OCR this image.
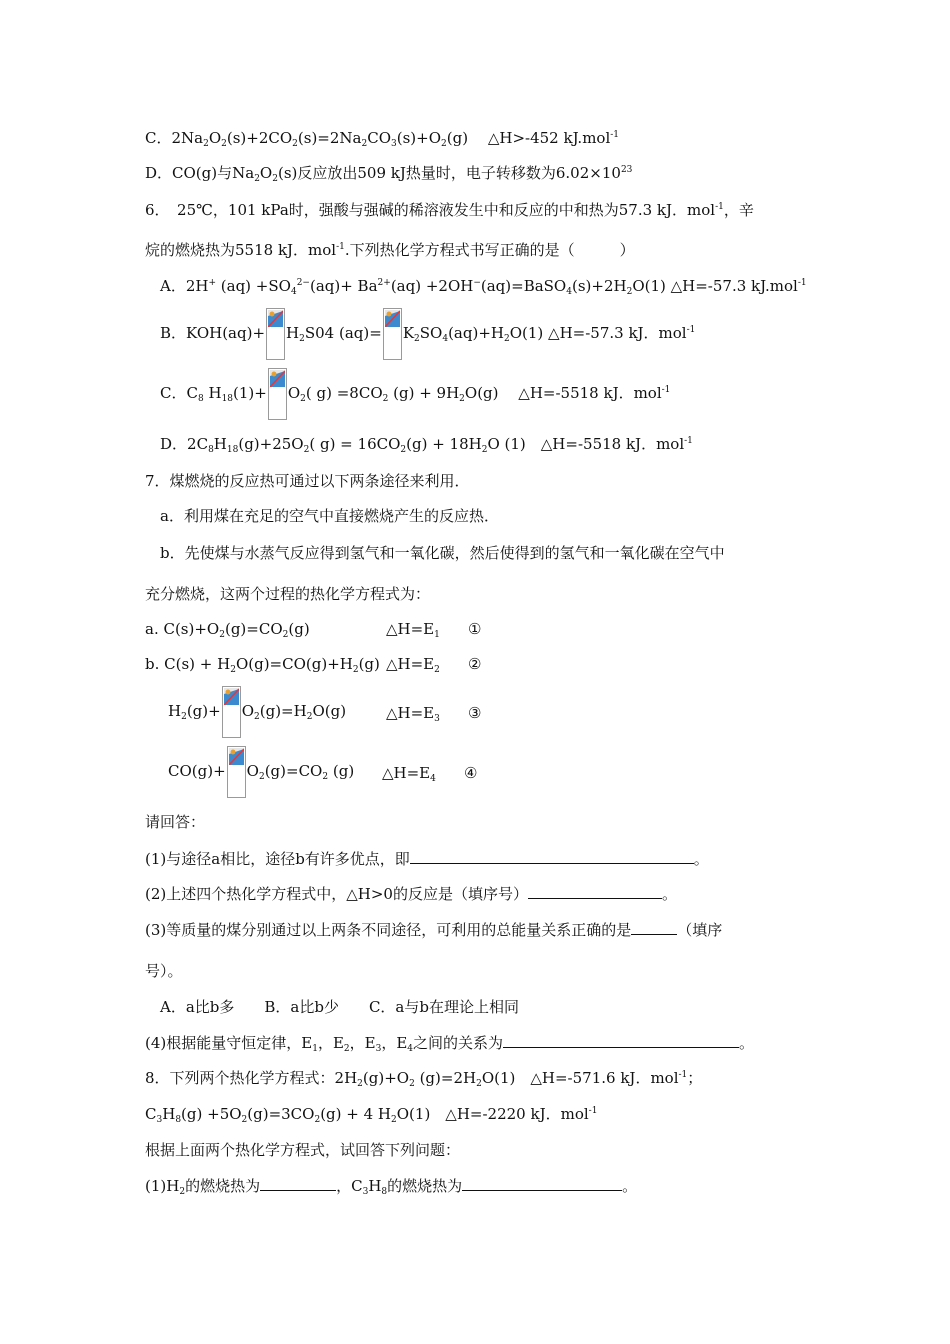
C．$2Na_2O_2(s)+2CO_2(s)=2Na_2CO_3(s)+O_2(g)$　 △H>-452 kJ.mol$^{-1}$
D．CO(g)与$Na_2O_2(s)$反应放出509 kJ热量时，电子转移数为$6.02\times 10^{23}$
6．　25℃，101 kPa时，强酸与强碱的稀溶液发生中和反应的中和热为57.3 kJ．mol$^{-1}$，辛
烷的燃烧热为5518 kJ．mol$^{-1}$.下列热化学方程式书写正确的是（　　　）
A．2H+ $(aq) +SO_4^{2-}(aq)+ Ba^{2+}(aq)$ $+2OH^-(aq)=BaSO_4(s)+2H_2O(1)$ △H=-57.3 kJ.mol$^{-1}$
B．$KOH(aq)+ H_2S04$ $(aq)= K_2SO_4(aq)+H_2O(1)$ △H=-57.3 kJ．mol$^{-1}$
C．$C_8$ $H_{18}(1)+ O_2$( $g) =8CO_2$ $(g) + 9H_2O(g)$　 △H=-5518 kJ．mol$^{-1}$
D．$2C_8H_{18}(g)+25O_2$( $g) = 16CO_2(g) + 18H_2O$ (1)　△H=-5518 kJ．mol$^{-1}$
7．煤燃烧的反应热可通过以下两条途径来利用．
a．利用煤在充足的空气中直接燃烧产生的反应热．
b．先使煤与水蒸气反应得到氢气和一氧化碳，然后使得到的氢气和一氧化碳在空气中
充分燃烧，这两个过程的热化学方程式为：
a. $C(s)+O_2(g)=CO_2(g)$	$\triangle H=E_1$ ①
b. $C(s) + H_2O(g)=CO(g)+H_2(g)$ $\triangle H=E_2$ ②
$H_2(g)+ O_2(g)=H_2O(g)$	$\triangle H=E_3$ ③
$CO(g)+ O_2(g)=CO_2$ (g) $\triangle H=E_4$ ④
请回答：
(1)与途径a相比，途径b有许多优点，即	。
(2)上述四个热化学方程式中，△H>0的反应是（填序号）	。
(3)等质量的煤分别通过以上两条不同途径，可利用的总能量关系正确的是	（填序
号）。
A．a比b多　　B．a比b少　　C．a与b在理论上相同
(4)根据能量守恒定律，$E_1$，$E_2$，$E_3$，$E_4$之间的关系为	。
8．下列两个热化学方程式：$2H_2(g)+O_2$ $(g)=2H_2O(1)$　△H=-571.6 kJ．mol$^{-1}$；
$C_3H_8(g) +5O_2(g)=3CO_2(g) + 4$ $H_2O(1)$　△H=-2220 kJ．mol$^{-1}$
根据上面两个热化学方程式，试回答下列问题：
$(1)H_2$的燃烧热为	，$C_3H_8$的燃烧热为	。
